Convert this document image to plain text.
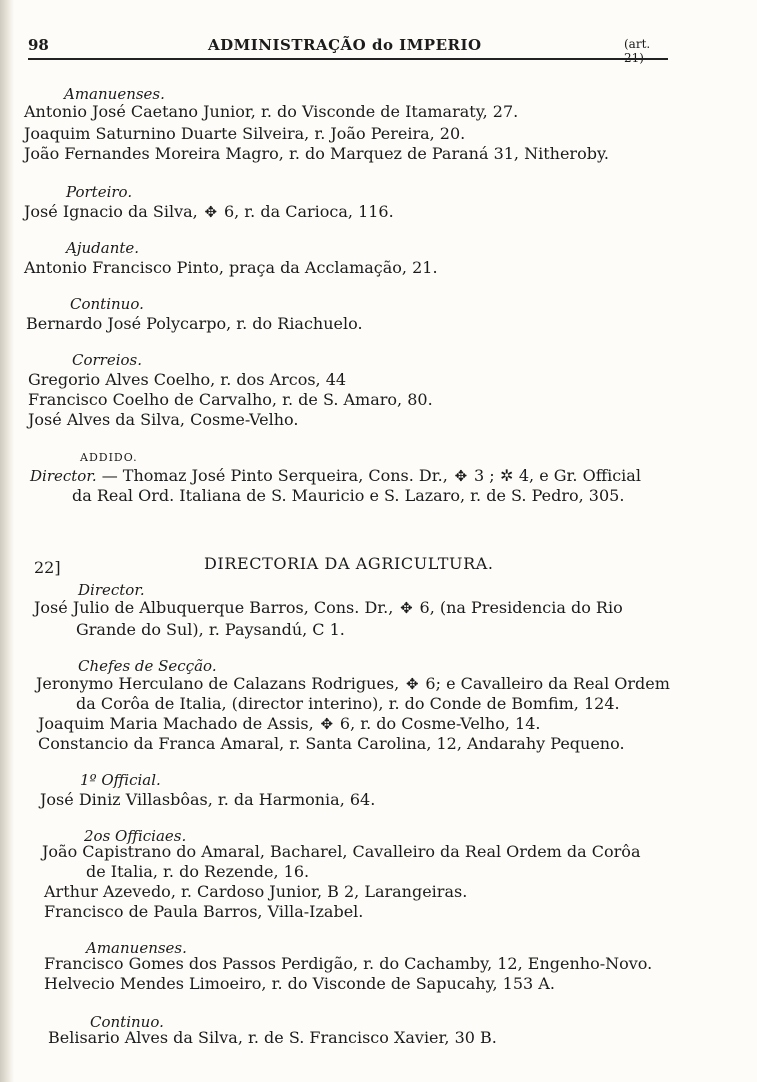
98	ADMINISTRAÇÃO do IMPERIO	(art.
Amanuenses.
Antonio José Caetano Junior, r. do Visconde de Itamaraty, 27.
Joaquim Saturnino Duarte Silveira, r. João Pereira, 20.
João Fernandes Moreira Magro, r. do Marquez de Paraná 31, Nitheroby.
Porteiro.
José Ignacio da Silva, ✥ 6, r. da Carioca, 116.
Ajudante.
Antonio Francisco Pinto, praça da Acclamação, 21.
Continuo.
Bernardo José Polycarpo, r. do Riachuelo.
Correios.
Gregorio Alves Coelho, r. dos Arcos, 44
Francisco Coelho de Carvalho, r. de S. Amaro, 80.
José Alves da Silva, Cosme-Velho.
ADDIDO.
Director. — Thomaz José Pinto Serqueira, Cons. Dr., ✥ 3 ; ✲ 4, e Gr. Official
da Real Ord. Italiana de S. Mauricio e S. Lazaro, r. de S. Pedro, 305.
22]	DIRECTORIA DA AGRICULTURA.
Director.
José Julio de Albuquerque Barros, Cons. Dr., ✥ 6, (na Presidencia do Rio
Grande do Sul), r. Paysandú, C 1.
Chefes de Secção.
Jeronymo Herculano de Calazans Rodrigues, ✥ 6; e Cavalleiro da Real Ordem
da Corôa de Italia, (director interino), r. do Conde de Bomfim, 124.
Joaquim Maria Machado de Assis, ✥ 6, r. do Cosme-Velho, 14.
Constancio da Franca Amaral, r. Santa Carolina, 12, Andarahy Pequeno.
1º Official.
José Diniz Villasbôas, r. da Harmonia, 64.
2os Officiaes.
João Capistrano do Amaral, Bacharel, Cavalleiro da Real Ordem da Corôa
de Italia, r. do Rezende, 16.
Arthur Azevedo, r. Cardoso Junior, B 2, Larangeiras.
Francisco de Paula Barros, Villa-Izabel.
Amanuenses.
Francisco Gomes dos Passos Perdigão, r. do Cachamby, 12, Engenho-Novo.
Helvecio Mendes Limoeiro, r. do Visconde de Sapucahy, 153 A.
Continuo.
Belisario Alves da Silva, r. de S. Francisco Xavier, 30 B.
